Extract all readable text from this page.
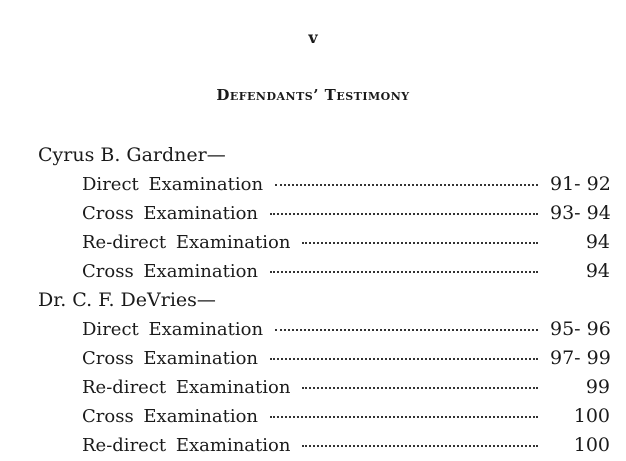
v
Defendants’ Testimony
Cyrus B. Gardner—
Direct Examination	91- 92
Cross Examination	93- 94
Re-direct Examination	94
Cross Examination	94
Dr. C. F. DeVries—
Direct Examination	95- 96
Cross Examination	97- 99
Re-direct Examination	99
Cross Examination	100
Re-direct Examination	100
